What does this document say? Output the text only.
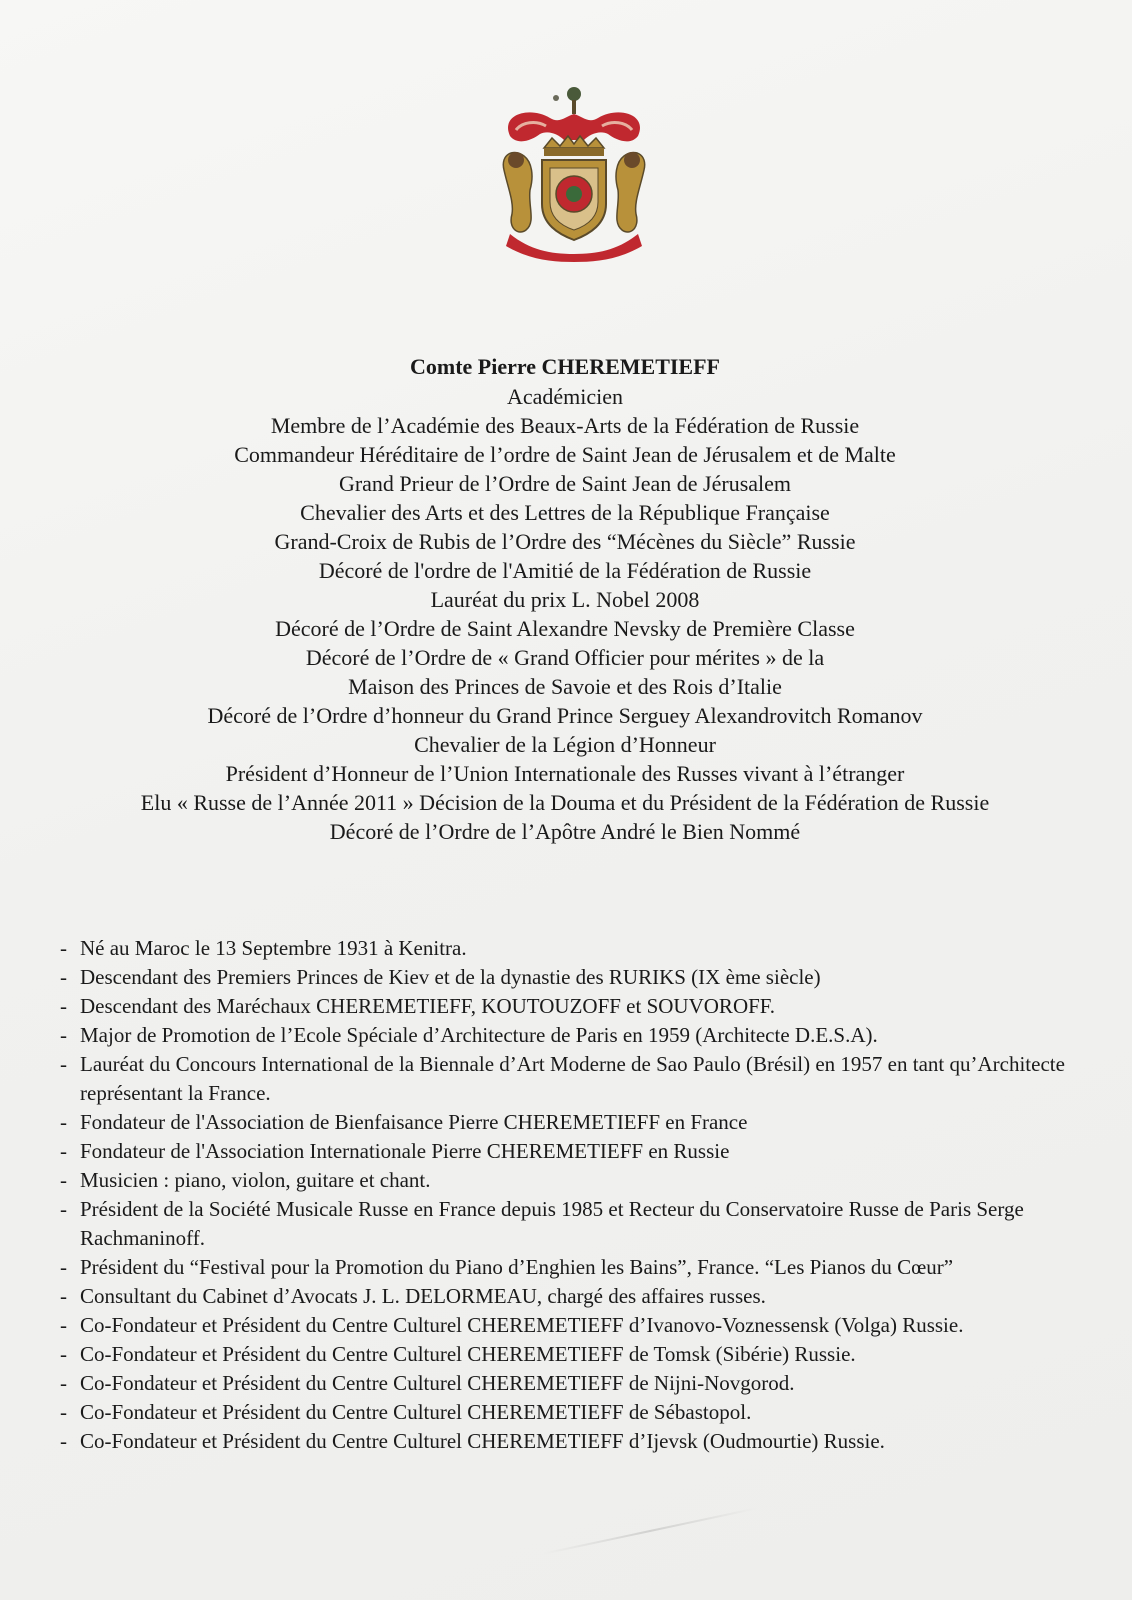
Comte Pierre CHEREMETIEFF

Académicien

Membre de l’Académie des Beaux-Arts de la Fédération de Russie

Commandeur Héréditaire de l’ordre de Saint Jean de Jérusalem et de Malte

Grand Prieur de l’Ordre de Saint Jean de Jérusalem

Chevalier des Arts et des Lettres de la République Française

Grand-Croix de Rubis de l’Ordre des “Mécènes du Siècle” Russie

Décoré de l'ordre de l'Amitié de la Fédération de Russie

Lauréat du prix L. Nobel 2008

Décoré de l’Ordre de Saint Alexandre Nevsky de Première Classe

Décoré de l’Ordre de « Grand Officier pour mérites » de la

Maison des Princes de Savoie et des Rois d’Italie

Décoré de l’Ordre d’honneur du Grand Prince Serguey Alexandrovitch Romanov

Chevalier de la Légion d’Honneur

Président d’Honneur de l’Union Internationale des Russes vivant à l’étranger

Elu « Russe de l’Année 2011 » Décision de la Douma et du Président de la Fédération de Russie

Décoré de l’Ordre de l’Apôtre André le Bien Nommé

- Né au Maroc le 13 Septembre 1931 à Kenitra.
- Descendant des Premiers Princes de Kiev et de la dynastie des RURIKS (IX ème siècle)
- Descendant des Maréchaux CHEREMETIEFF, KOUTOUZOFF et SOUVOROFF.
- Major de Promotion de l’Ecole Spéciale d’Architecture de Paris en 1959 (Architecte D.E.S.A).
- Lauréat du Concours International de la Biennale d’Art Moderne de Sao Paulo (Brésil) en 1957 en tant qu’Architecte représentant la France.
- Fondateur de l'Association de Bienfaisance Pierre CHEREMETIEFF en France
- Fondateur de l'Association Internationale Pierre CHEREMETIEFF en Russie
- Musicien : piano, violon, guitare et chant.
- Président de la Société Musicale Russe en France depuis 1985 et Recteur du Conservatoire Russe de Paris Serge Rachmaninoff.
- Président du “Festival pour la Promotion du Piano d’Enghien les Bains”, France. “Les Pianos du Cœur”
- Consultant du Cabinet d’Avocats J. L. DELORMEAU, chargé des affaires russes.
- Co-Fondateur et Président du Centre Culturel CHEREMETIEFF d’Ivanovo-Voznessensk (Volga) Russie.
- Co-Fondateur et Président du Centre Culturel CHEREMETIEFF de Tomsk (Sibérie) Russie.
- Co-Fondateur et Président du Centre Culturel CHEREMETIEFF de Nijni-Novgorod.
- Co-Fondateur et Président du Centre Culturel CHEREMETIEFF de Sébastopol.
- Co-Fondateur et Président du Centre Culturel CHEREMETIEFF d’Ijevsk (Oudmourtie) Russie.
